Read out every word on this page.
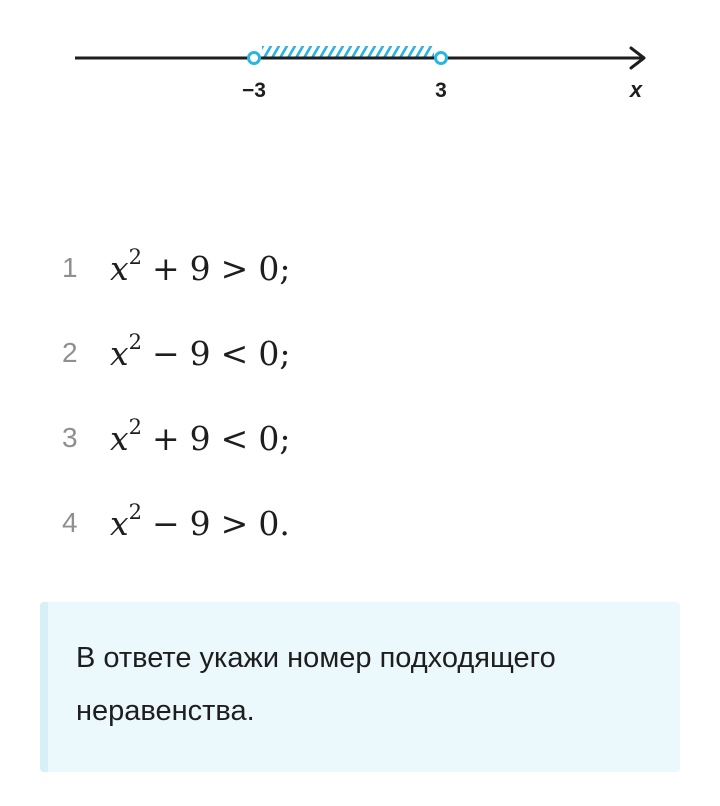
−3	3	x
1 $x^2 + 9 > 0$;
2 $x^2 - 9 < 0$;
3 $x^2 + 9 < 0$;
4 $x^2 - 9 > 0$.
В ответе укажи номер подходящего неравенства.
